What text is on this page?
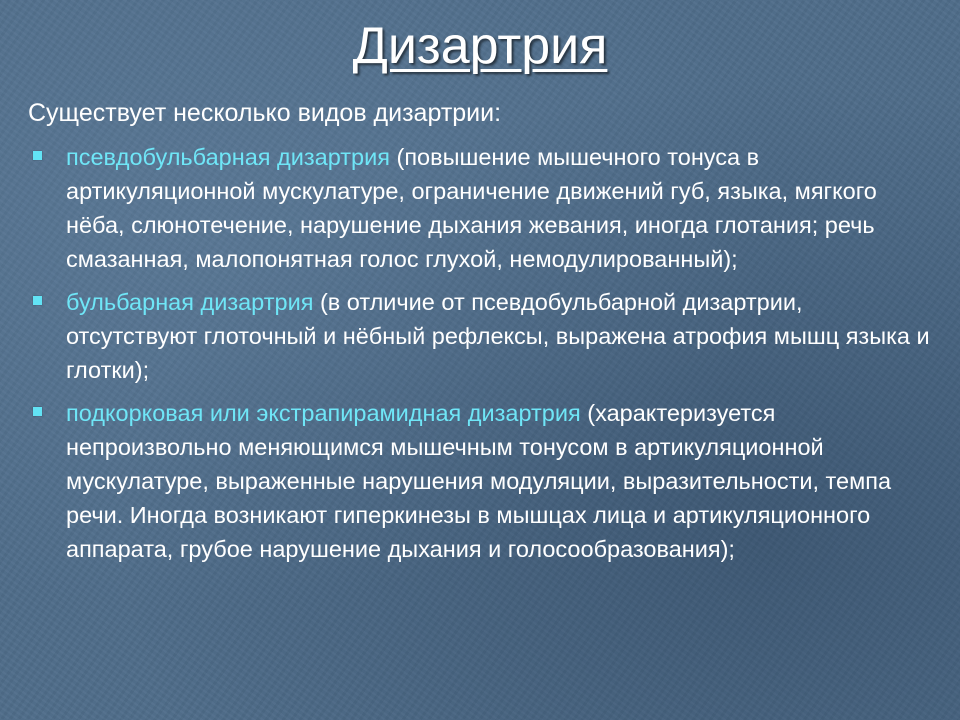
Дизартрия

Существует несколько видов дизартрии:

псевдобульбарная дизартрия (повышение мышечного тонуса в артикуляционной мускулатуре, ограничение движений губ, языка, мягкого нёба, слюнотечение, нарушение дыхания жевания, иногда глотания; речь смазанная, малопонятная голос глухой, немодулированный);
бульбарная дизартрия (в отличие от псевдобульбарной дизартрии, отсутствуют глоточный и нёбный рефлексы, выражена атрофия мышц языка и глотки);
подкорковая или экстрапирамидная дизартрия (характеризуется непроизвольно меняющимся мышечным тонусом в артикуляционной мускулатуре, выраженные нарушения модуляции, выразительности, темпа речи. Иногда возникают гиперкинезы в мышцах лица и артикуляционного аппарата, грубое нарушение дыхания и голосообразования);
